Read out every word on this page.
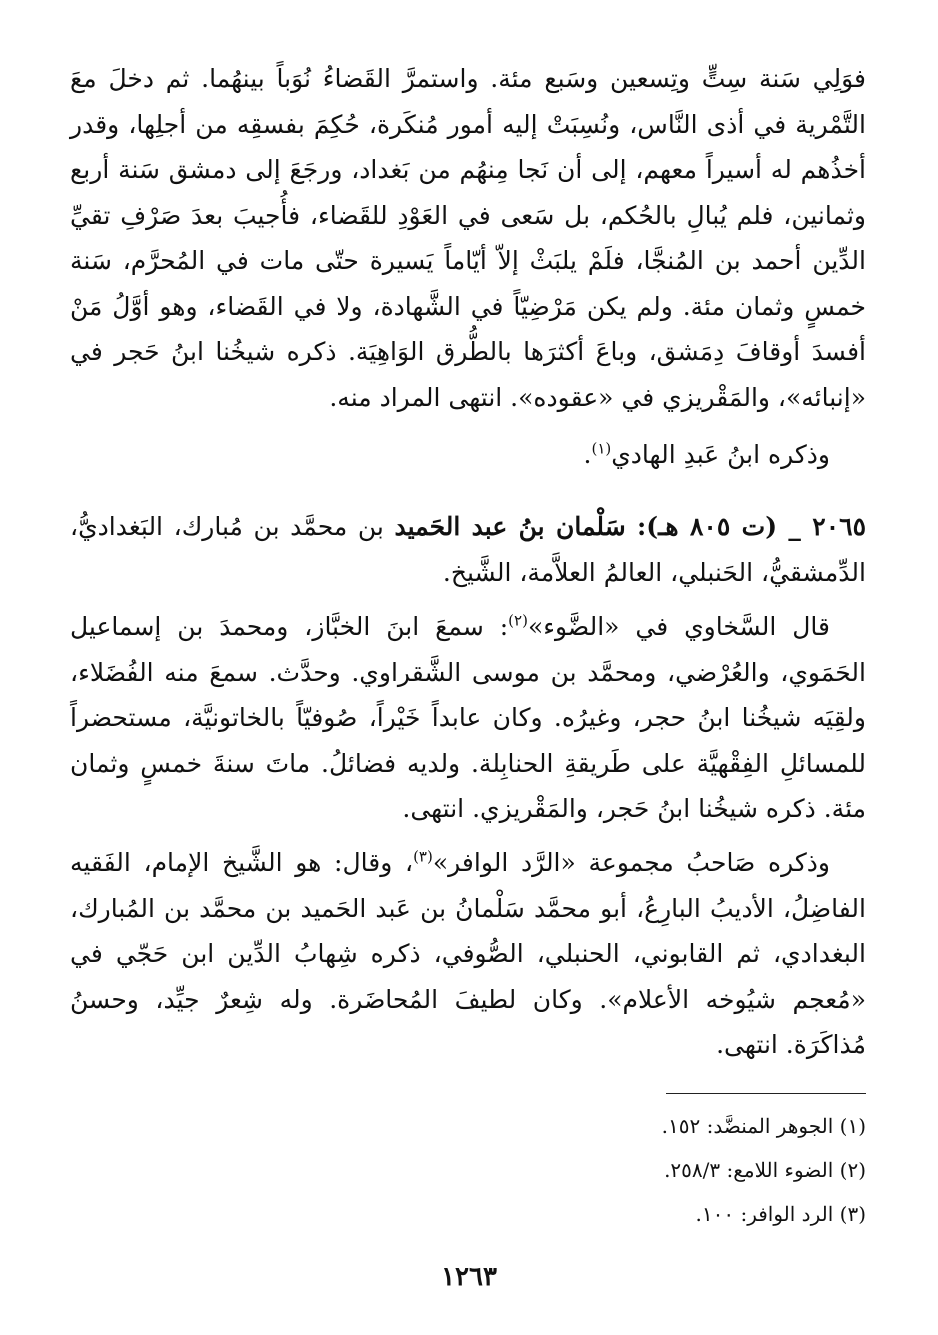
فوَلِي سَنة سِتٍّ وتِسعين وسَبع مئة. واستمرَّ القَضاءُ نُوَباً بينهُما. ثم دخلَ معَ التَّمْرية في أذى النَّاس، ونُسِبَتْ إليه أمور مُنكَرة، حُكِمَ بفسقِه من أجلِها، وقدر أخذُهم له أسيراً معهم، إلى أن نَجا مِنهُم من بَغداد، ورجَعَ إلى دمشق سَنة أربع وثمانين، فلم يُبالِ بالحُكم، بل سَعى في العَوْدِ للقَضاء، فأُجيبَ بعدَ صَرْفِ تقيِّ الدِّين أحمد بن المُنجَّا، فلَمْ يلبَثْ إلاّ أيّاماً يَسيرة حتّى مات في المُحرَّم، سَنة خمسٍ وثمان مئة. ولم يكن مَرْضِيّاً في الشَّهادة، ولا في القَضاء، وهو أوَّلُ مَنْ أفسدَ أوقافَ دِمَشق، وباعَ أكثرَها بالطُّرق الوَاهِيَة. ذكره شيخُنا ابنُ حَجر في «إنبائه»، والمَقْريزي في «عقوده». انتهى المراد منه.

وذكره ابنُ عَبدِ الهادي$^{(١)}$.

٢٠٦٥ _ (ت ٨٠٥ هـ): سَلْمان بنُ عبد الحَميد بن محمَّد بن مُبارك، البَغداديُّ، الدِّمشقيُّ، الحَنبلي، العالمُ العلاَّمة، الشَّيخ.

قال السَّخاوي في «الضَّوء»$^{(٢)}$: سمعَ ابنَ الخبَّاز، ومحمدَ بن إسماعيل الحَمَوي، والعُرْضي، ومحمَّد بن موسى الشَّقراوي. وحدَّث. سمعَ منه الفُضَلاء، ولقِيَه شيخُنا ابنُ حجر، وغيرُه. وكان عابداً خَيْراً، صُوفيّاً بالخاتونيَّة، مستحضراً للمسائلِ الفِقْهيَّة على طَريقةِ الحنابِلة. ولديه فضائلُ. ماتَ سنةَ خمسٍ وثمان مئة. ذكره شيخُنا ابنُ حَجر، والمَقْريزي. انتهى.

وذكره صَاحبُ مجموعة «الرَّد الوافر»$^{(٣)}$، وقال: هو الشَّيخ الإمام، الفَقيه الفاضِلُ، الأديبُ البارِعُ، أبو محمَّد سَلْمانُ بن عَبد الحَميد بن محمَّد بن المُبارك، البغدادي، ثم القابوني، الحنبلي، الصُّوفي، ذكره شِهابُ الدِّين ابن حَجّي في «مُعجم شيُوخه الأعلام». وكان لطيفَ المُحاضَرة. وله شِعرٌ جيِّد، وحسنُ مُذاكَرَة. انتهى.

(١) الجوهر المنضَّد: ١٥٢.
(٢) الضوء اللامع: ٢٥٨/٣.
(٣) الرد الوافر: ١٠٠.
١٢٦٣
